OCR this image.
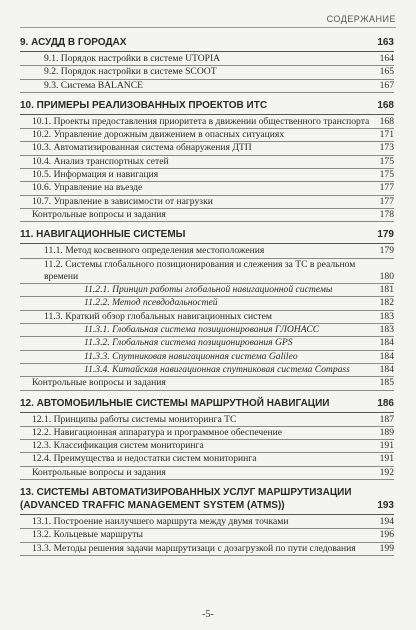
СОДЕРЖАНИЕ
9. АСУДД В ГОРОДАХ	163
9.1. Порядок настройки в системе UTOPIA	164
9.2. Порядок настройки в системе SCOOT	165
9.3. Система BALANCE	167
10. ПРИМЕРЫ РЕАЛИЗОВАННЫХ ПРОЕКТОВ ИТС	168
10.1. Проекты предоставления приоритета в движении общественного транспорта	168
10.2. Управление дорожным движением в опасных ситуациях	171
10.3. Автоматизированная система обнаружения ДТП	173
10.4. Анализ транспортных сетей	175
10.5. Информация и навигация	175
10.6. Управление на въезде	177
10.7. Управление в зависимости от нагрузки	177
Контрольные вопросы и задания	178
11. НАВИГАЦИОННЫЕ СИСТЕМЫ	179
11.1. Метод косвенного определения местоположения	179
11.2. Системы глобального позиционирования и слежения за ТС в реальном времени	180
11.2.1. Принцип работы глобальной навигационной системы	181
11.2.2. Метод псевдодальностей	182
11.3. Краткий обзор глобальных навигационных систем	183
11.3.1. Глобальная система позиционирования ГЛОНАСС	183
11.3.2. Глобальная система позиционирования GPS	184
11.3.3. Спутниковая навигационная система Galileo	184
11.3.4. Китайская навигационная спутниковая система Compass	184
Контрольные вопросы и задания	185
12. АВТОМОБИЛЬНЫЕ СИСТЕМЫ МАРШРУТНОЙ НАВИГАЦИИ	186
12.1. Принципы работы системы мониторинга ТС	187
12.2. Навигационная аппаратура и программное обеспечение	189
12.3. Классификация систем мониторинга	191
12.4. Преимущества и недостатки систем мониторинга	191
Контрольные вопросы и задания	192
13. СИСТЕМЫ АВТОМАТИЗИРОВАННЫХ УСЛУГ МАРШРУТИЗАЦИИ (ADVANCED TRAFFIC MANAGEMENT SYSTEM (ATMS))	193
13.1. Построение наилучшего маршрута между двумя точками	194
13.2. Кольцевые маршруты	196
13.3. Методы решения задачи маршрутизаци с дозагрузкой по пути следования	199
-5-
